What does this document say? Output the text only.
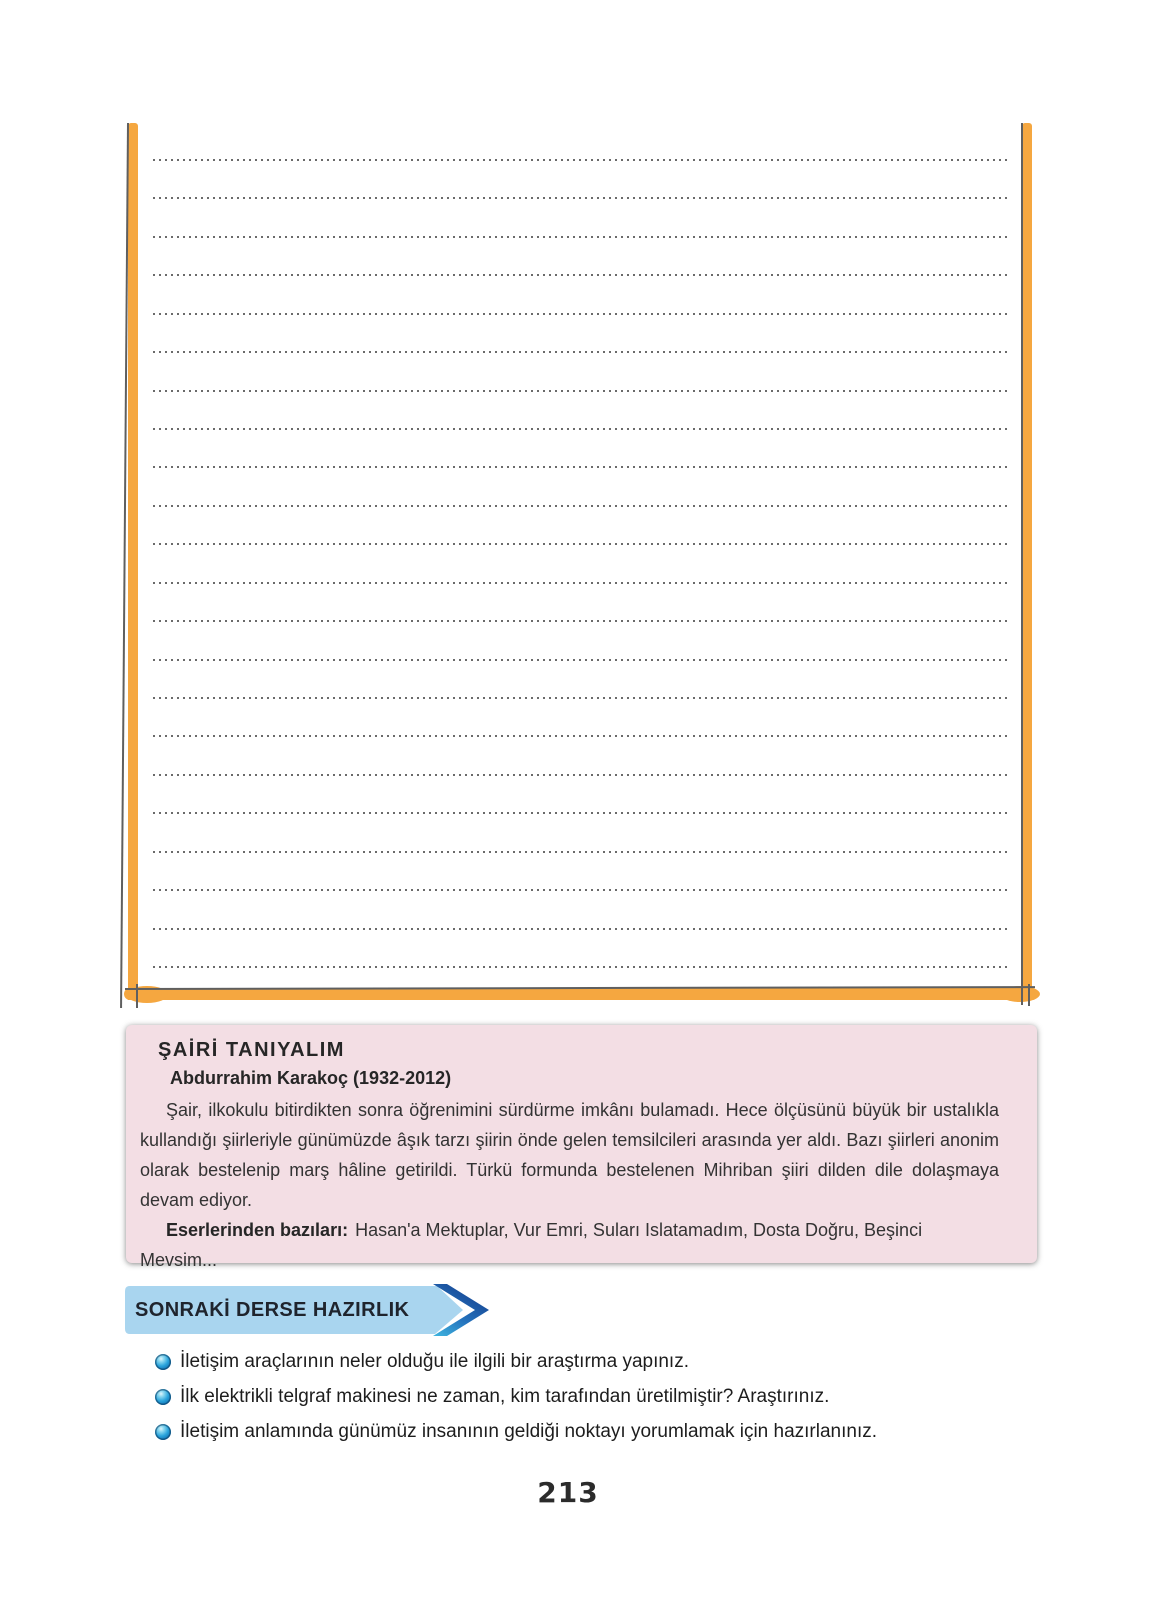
ŞAİRİ TANIYALIM

Abdurrahim Karakoç (1932-2012)

Şair, ilkokulu bitirdikten sonra öğrenimini sürdürme imkânı bulamadı. Hece ölçüsünü büyük bir ustalıkla kullandığı şiirleriyle günümüzde âşık tarzı şiirin önde gelen temsilcileri arasında yer aldı. Bazı şiirleri anonim olarak bestelenip marş hâline getirildi. Türkü formunda bestelenen Mihriban şiiri dilden dile dolaşmaya devam ediyor.

Eserlerinden bazıları: Hasan'a Mektuplar, Vur Emri, Suları Islatamadım, Dosta Doğru, Beşinci Mevsim...

SONRAKİ DERSE HAZIRLIK
İletişim araçlarının neler olduğu ile ilgili bir araştırma yapınız.
İlk elektrikli telgraf makinesi ne zaman, kim tarafından üretilmiştir? Araştırınız.
İletişim anlamında günümüz insanının geldiği noktayı yorumlamak için hazırlanınız.
213
